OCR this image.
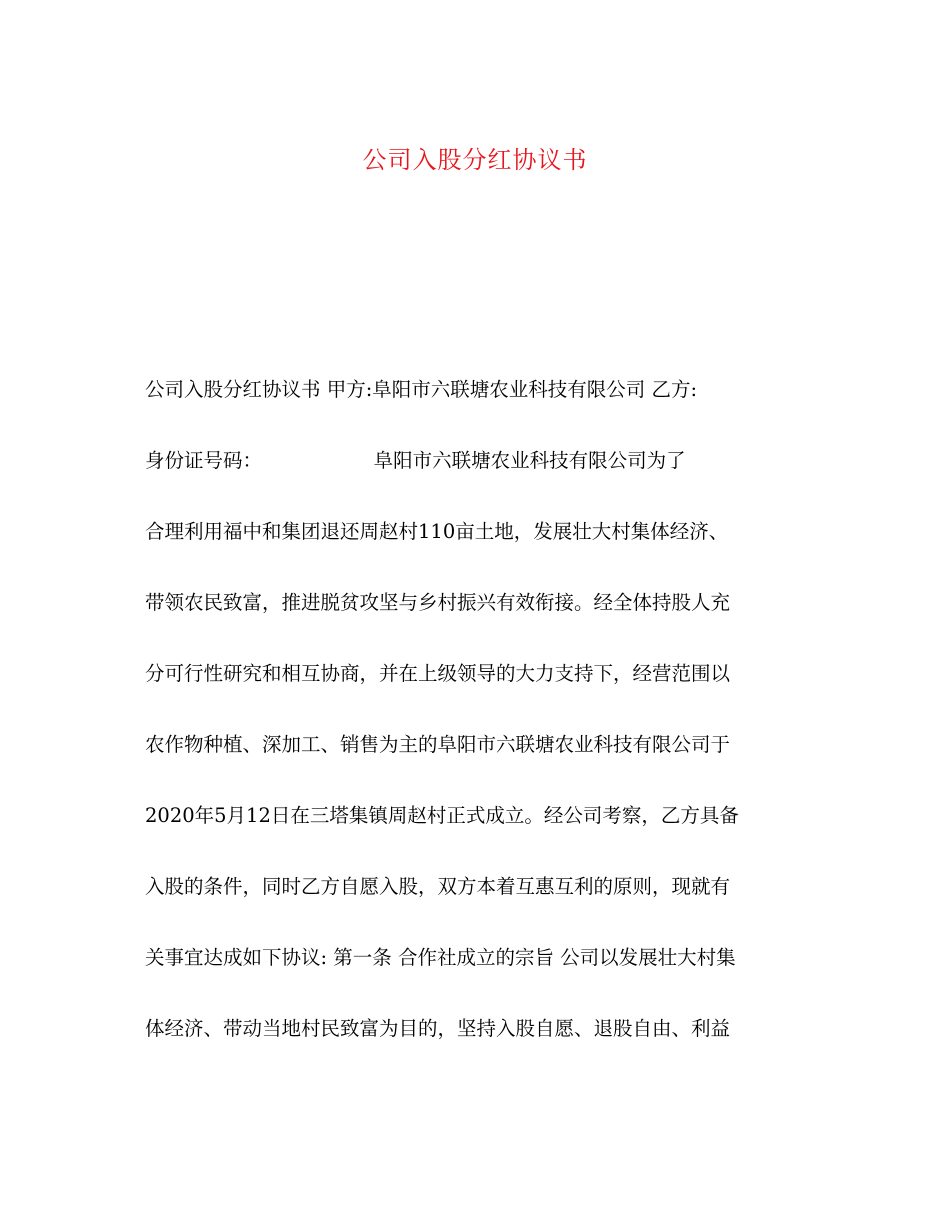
公司入股分红协议书
公司入股分红协议书 甲方:阜阳市六联塘农业科技有限公司 乙方:
身份证号码：                  阜阳市六联塘农业科技有限公司为了
合理利用福中和集团退还周赵村110亩土地，发展壮大村集体经济、
带领农民致富，推进脱贫攻坚与乡村振兴有效衔接。经全体持股人充
分可行性研究和相互协商，并在上级领导的大力支持下，经营范围以
农作物种植、深加工、销售为主的阜阳市六联塘农业科技有限公司于
2020年5月12日在三塔集镇周赵村正式成立。经公司考察，乙方具备
入股的条件，同时乙方自愿入股，双方本着互惠互利的原则，现就有
关事宜达成如下协议: 第一条 合作社成立的宗旨 公司以发展壮大村集
体经济、带动当地村民致富为目的，坚持入股自愿、退股自由、利益
